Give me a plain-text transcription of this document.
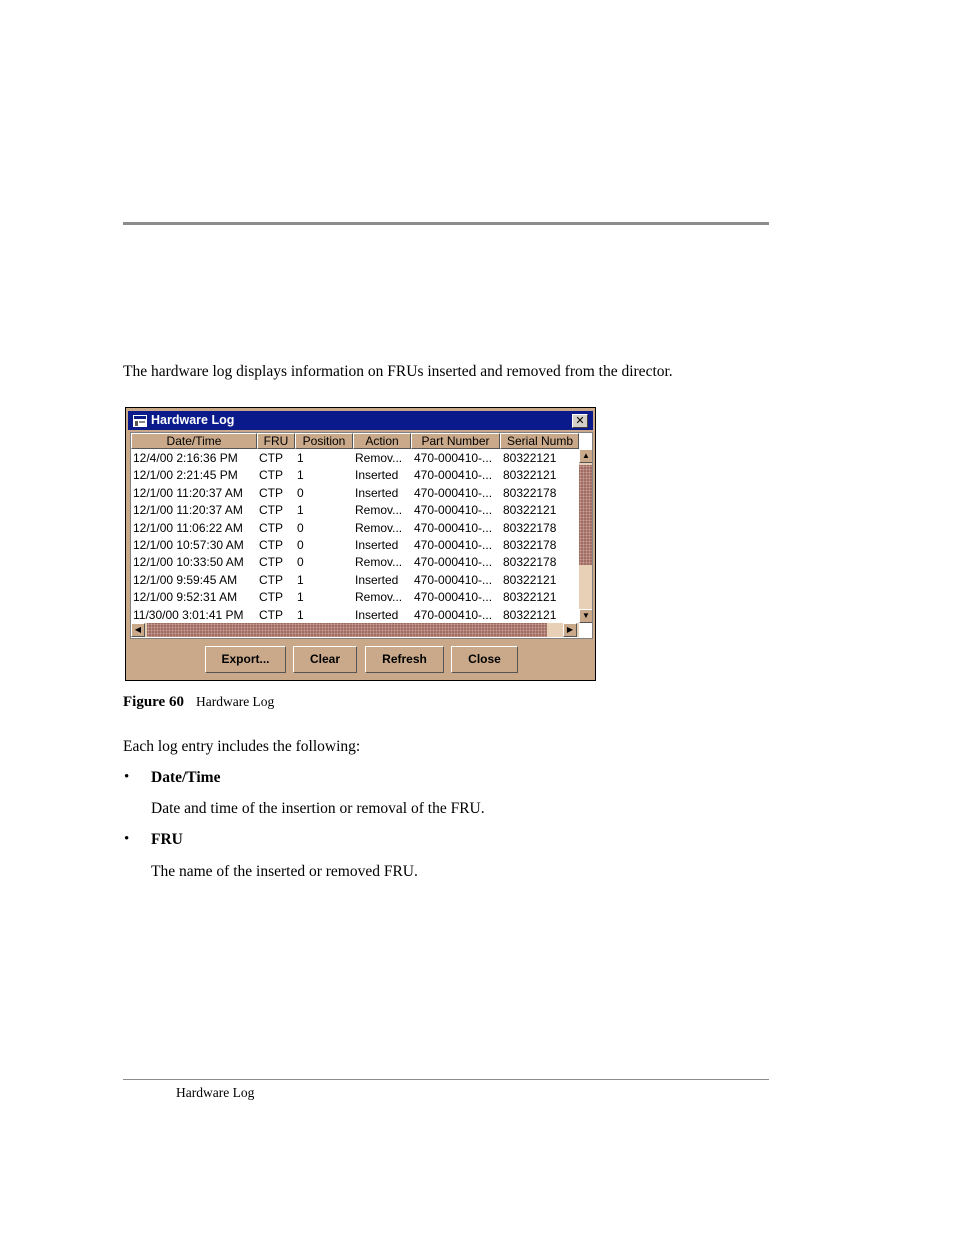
The hardware log displays information on FRUs inserted and removed from the director.
Hardware Log	✕
Date/Time	FRU	Position	Action	Part Number	Serial Numb
12/4/00 2:16:36 PM	CTP	1	Remov... 470-000410-... 80322121
12/1/00 2:21:45 PM	CTP	1	Inserted	470-000410-... 80322121
12/1/00 11:20:37 AM	CTP	0	Inserted	470-000410-... 80322178
12/1/00 11:20:37 AM	CTP	1	Remov... 470-000410-... 80322121
12/1/00 11:06:22 AM	CTP	0	Remov... 470-000410-... 80322178
12/1/00 10:57:30 AM	CTP	0	Inserted	470-000410-... 80322178
12/1/00 10:33:50 AM	CTP	0	Remov... 470-000410-... 80322178
12/1/00 9:59:45 AM	CTP	1	Inserted	470-000410-... 80322121
12/1/00 9:52:31 AM	CTP	1	Remov... 470-000410-... 80322121
11/30/00 3:01:41 PM	CTP	1	Inserted	470-000410-... 80322121
▲
▼
◀	▶
Export...	Clear	Refresh	Close
Figure 60 Hardware Log
Each log entry includes the following:
• Date/Time
Date and time of the insertion or removal of the FRU.
• FRU
The name of the inserted or removed FRU.
Hardware Log
